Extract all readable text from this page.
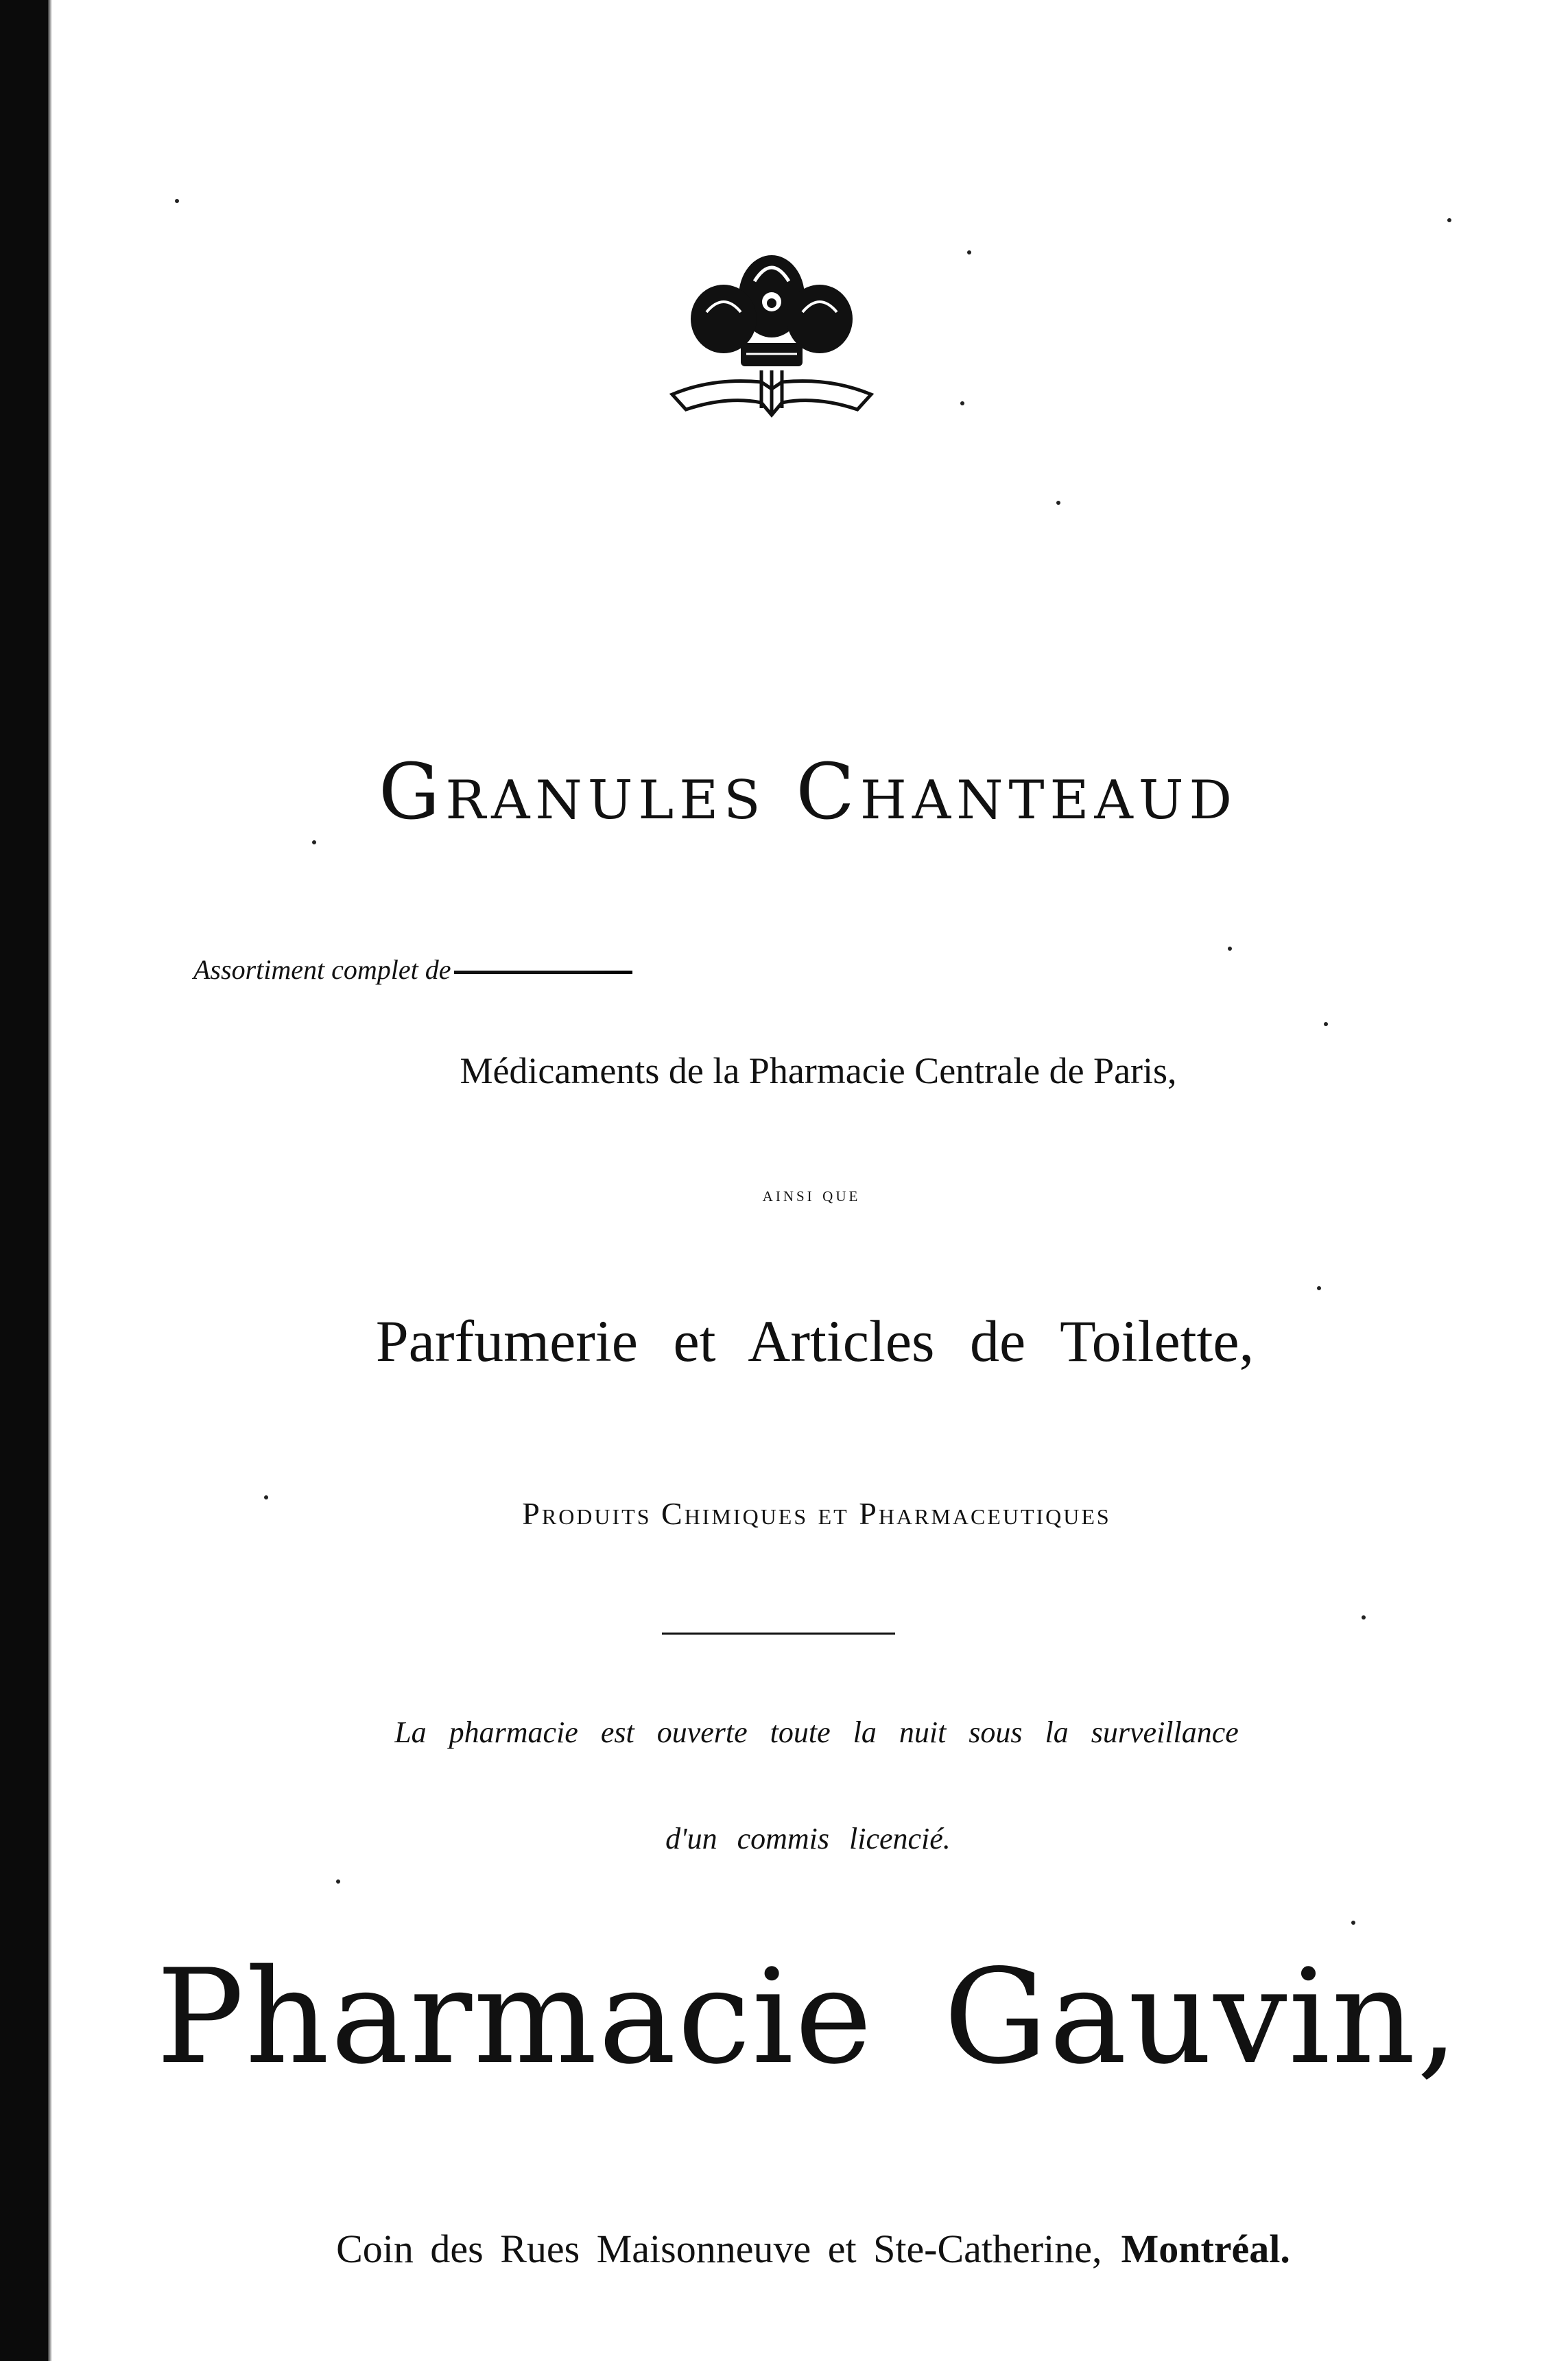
Granules Chanteaud
Assortiment complet de
Médicaments de la Pharmacie Centrale de Paris,
ainsi que
Parfumerie et Articles de Toilette,
Produits Chimiques et Pharmaceutiques
La pharmacie est ouverte toute la nuit sous la surveillance
d'un commis licencié.
Pharmacie Gauvin,
Coin des Rues Maisonneuve et Ste-Catherine, Montréal.
